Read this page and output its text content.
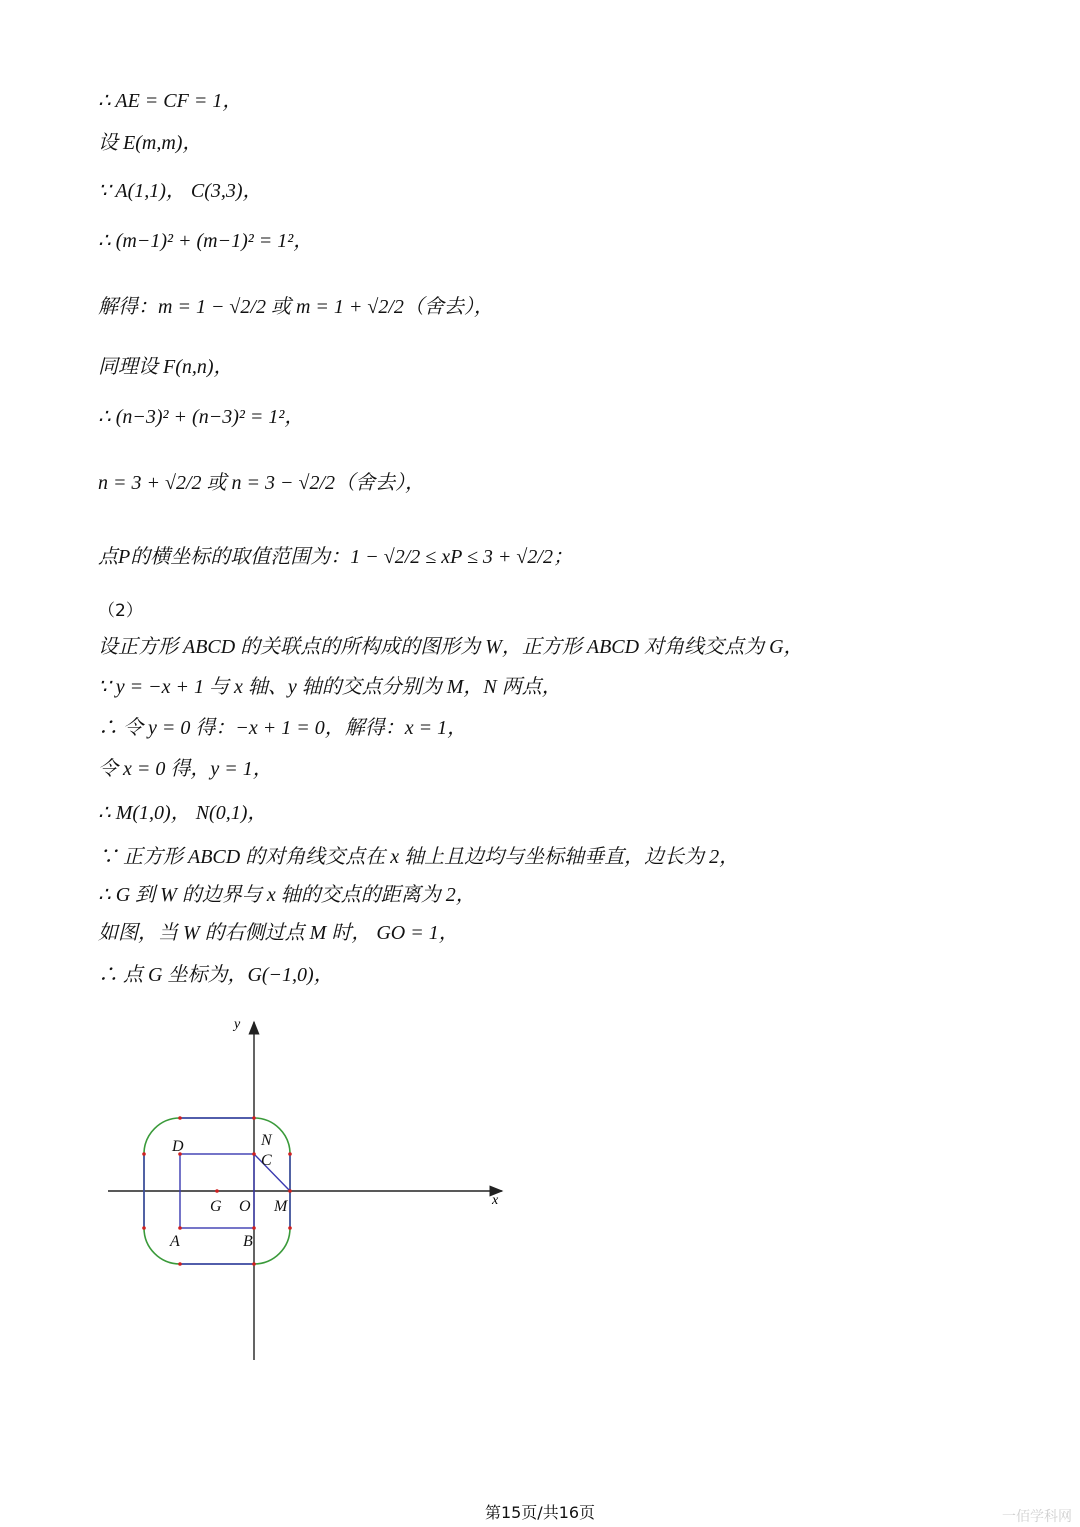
∴ AE = CF = 1，
设 E(m,m)，
∵ A(1,1)， C(3,3)，
∴ (m−1)² + (m−1)² = 1²，
解得：m = 1 − √2/2 或 m = 1 + √2/2（舍去），
同理设 F(n,n)，
∴ (n−3)² + (n−3)² = 1²，
n = 3 + √2/2 或 n = 3 − √2/2（舍去），
点P的横坐标的取值范围为：1 − √2/2 ≤ xP ≤ 3 + √2/2；
（2）
设正方形 ABCD 的关联点的所构成的图形为 W，正方形 ABCD 对角线交点为 G，
∵ y = −x + 1 与 x 轴、y 轴的交点分别为 M，N 两点，
∴ 令 y = 0 得：−x + 1 = 0，解得：x = 1，
令 x = 0 得，y = 1，
∴ M(1,0)， N(0,1)，
∵ 正方形 ABCD 的对角线交点在 x 轴上且边均与坐标轴垂直，边长为 2，
∴ G 到 W 的边界与 x 轴的交点的距离为 2，
如图，当 W 的右侧过点 M 时， GO = 1，
∴ 点 G 坐标为，G(−1,0)，
x
y
D	N
C
G O M
A	B
第15页/共16页	一佰学科网
